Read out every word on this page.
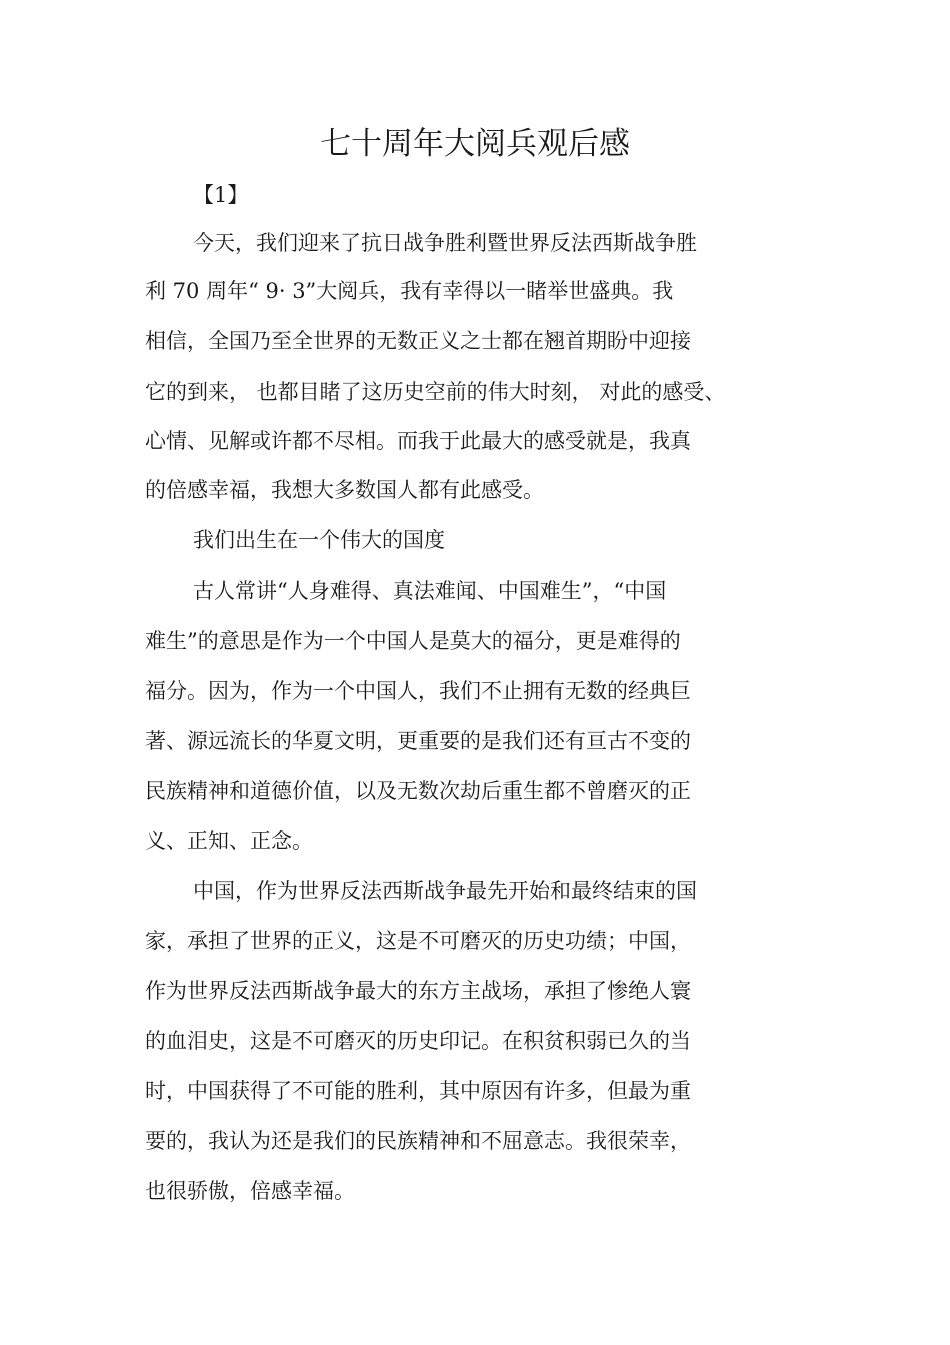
七十周年大阅兵观后感
【1】
今天，我们迎来了抗日战争胜利暨世界反法西斯战争胜
利 70 周年“ 9· 3”大阅兵，我有幸得以一睹举世盛典。我
相信，全国乃至全世界的无数正义之士都在翘首期盼中迎接
它的到来， 也都目睹了这历史空前的伟大时刻， 对此的感受、
心情、见解或许都不尽相。而我于此最大的感受就是，我真
的倍感幸福，我想大多数国人都有此感受。
我们出生在一个伟大的国度
古人常讲“人身难得、真法难闻、中国难生”，“中国
难生”的意思是作为一个中国人是莫大的福分，更是难得的
福分。因为，作为一个中国人，我们不止拥有无数的经典巨
著、源远流长的华夏文明，更重要的是我们还有亘古不变的
民族精神和道德价值，以及无数次劫后重生都不曾磨灭的正
义、正知、正念。
中国，作为世界反法西斯战争最先开始和最终结束的国
家，承担了世界的正义，这是不可磨灭的历史功绩；中国，
作为世界反法西斯战争最大的东方主战场，承担了惨绝人寰
的血泪史，这是不可磨灭的历史印记。在积贫积弱已久的当
时，中国获得了不可能的胜利，其中原因有许多，但最为重
要的，我认为还是我们的民族精神和不屈意志。我很荣幸，
也很骄傲，倍感幸福。
